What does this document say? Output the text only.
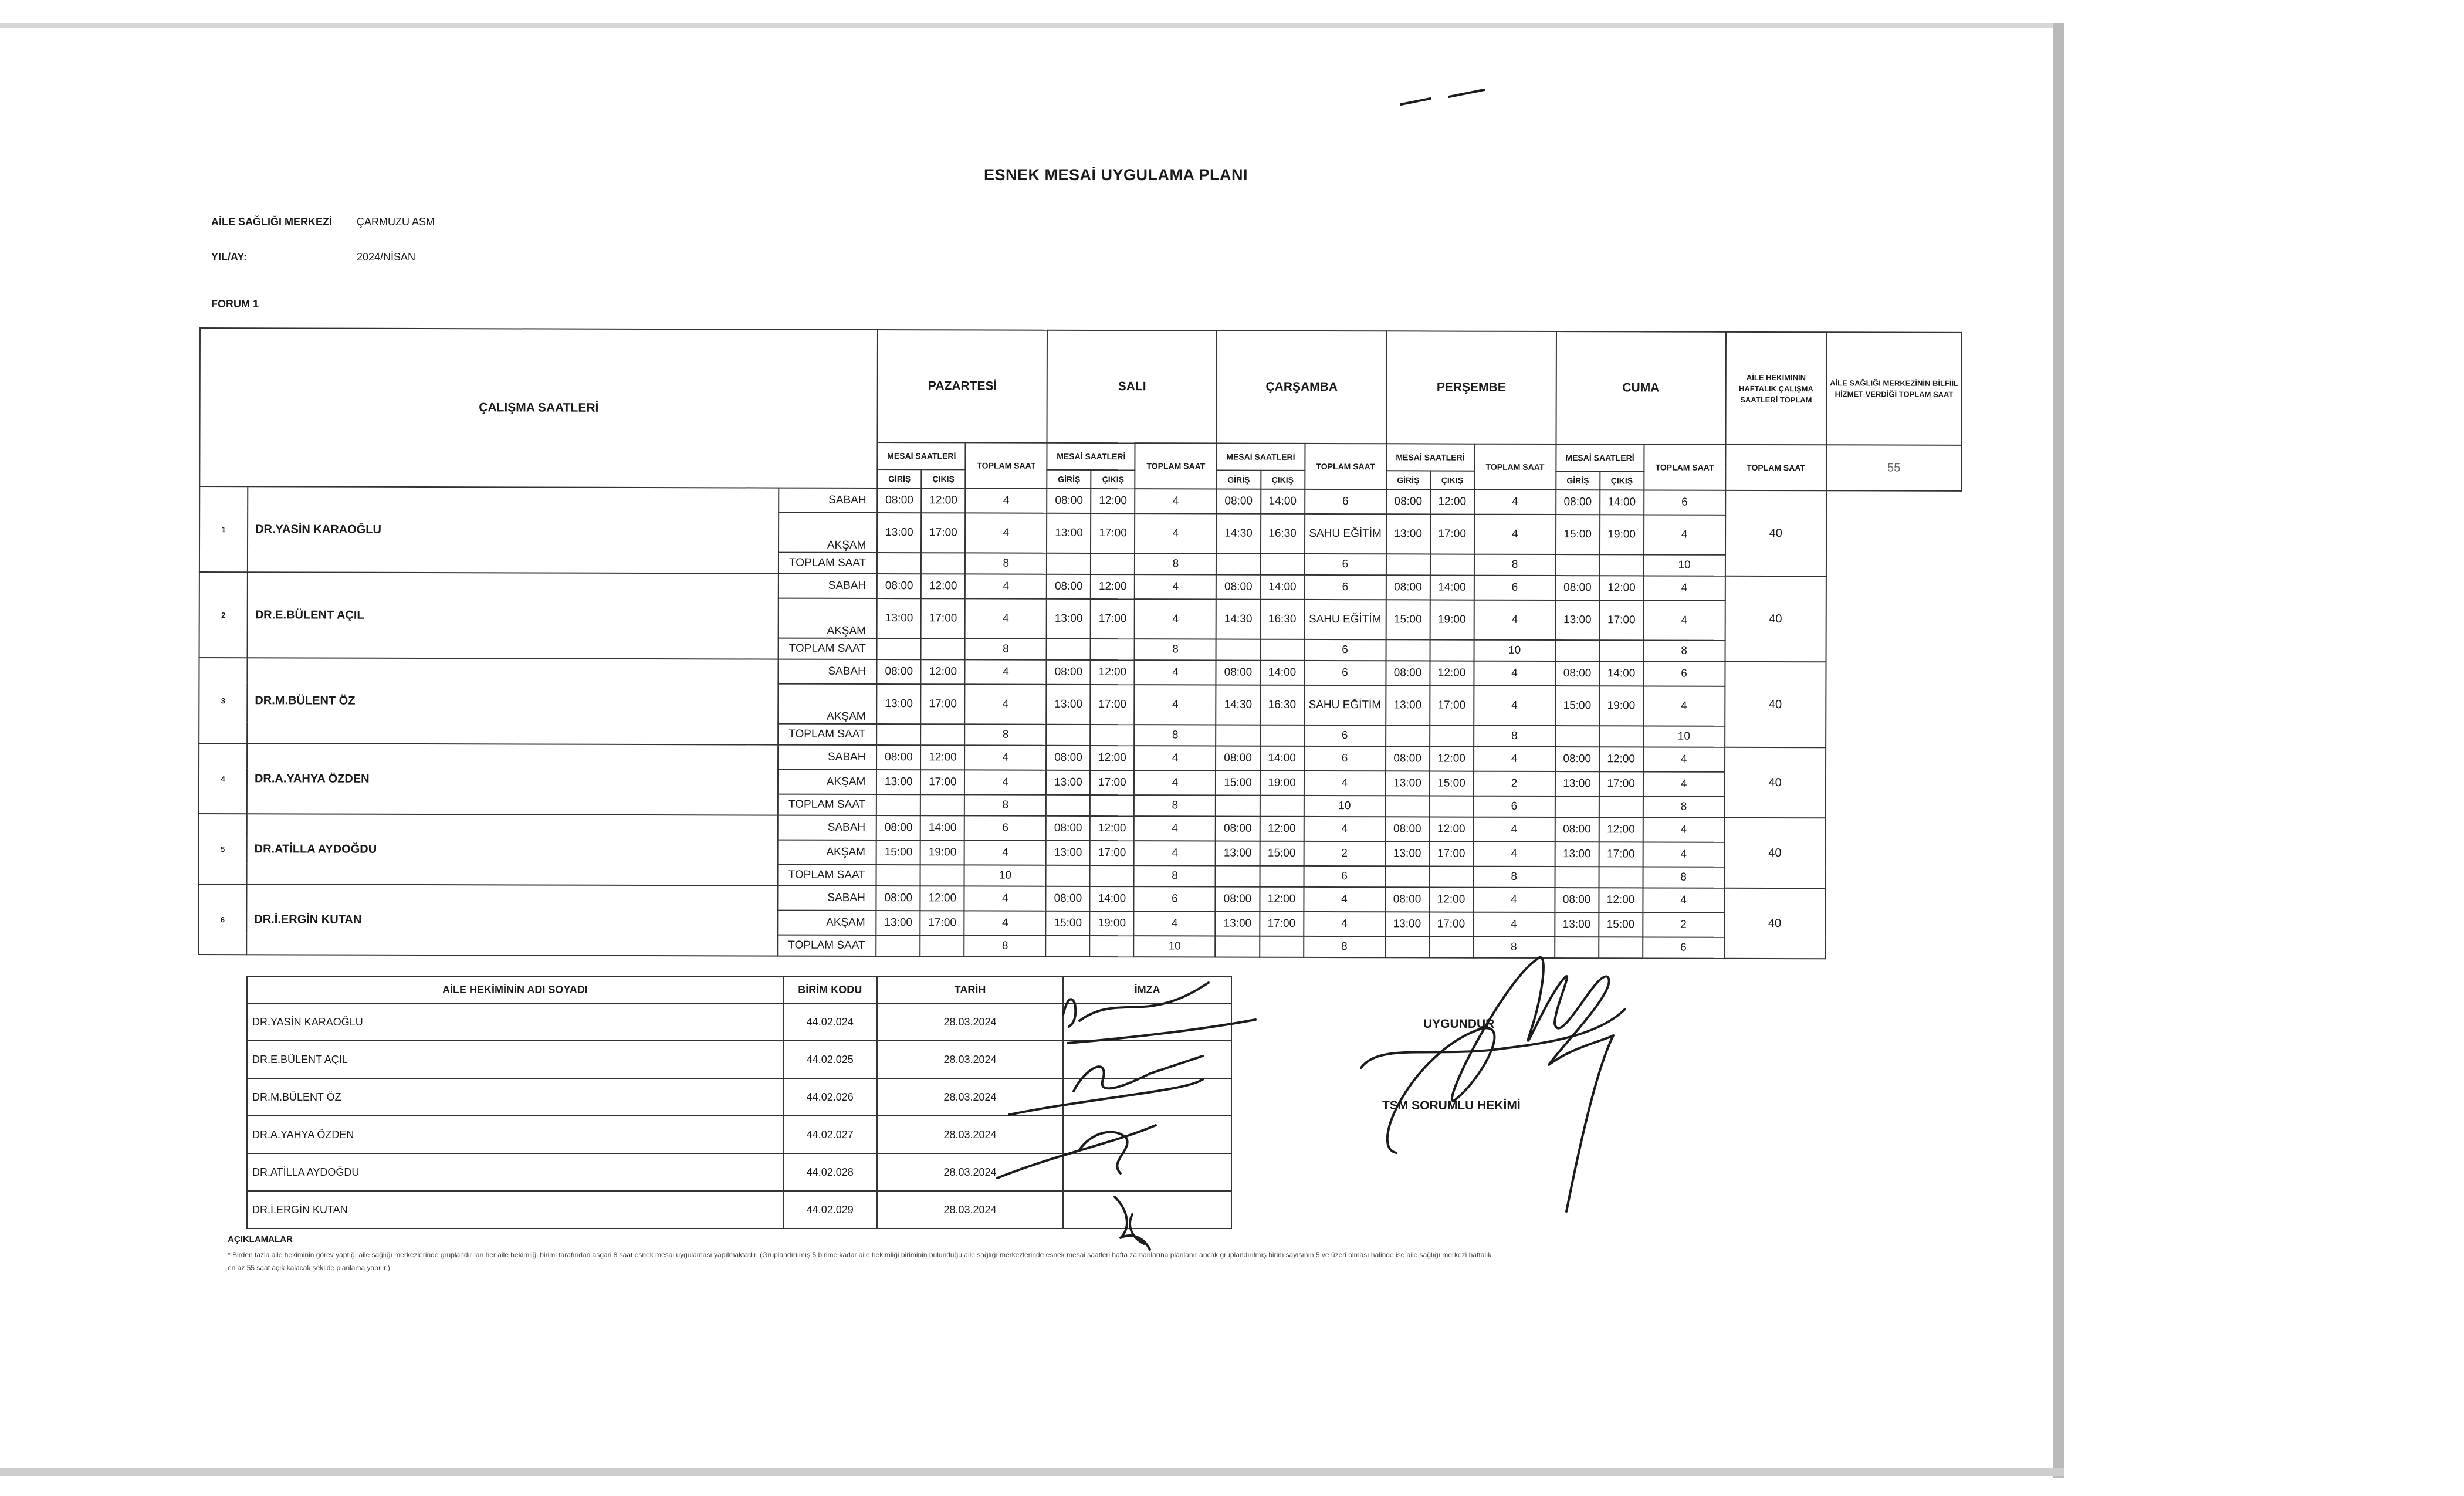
ESNEK MESAİ UYGULAMA PLANI
AİLE SAĞLIĞI MERKEZİ ÇARMUZU ASM
YIL/AY:	2024/NİSAN
FORUM 1
ÇALIŞMA SAATLERİ			PAZARTESİ			SALI			ÇARŞAMBA			PERŞEMBE			CUMA			AİLE HEKİMİNİN HAFTALIK ÇALIŞMA SAATLERİ TOPLAM	AİLE SAĞLIĞI MERKEZİNİN BİLFİİL HİZMET VERDİĞİ TOPLAM SAAT
			MESAİ SAATLERİ		TOPLAM SAAT	MESAİ SAATLERİ		TOPLAM SAAT	MESAİ SAATLERİ		TOPLAM SAAT	MESAİ SAATLERİ		TOPLAM SAAT	MESAİ SAATLERİ		TOPLAM SAAT	TOPLAM SAAT	55
			GİRİŞ	ÇIKIŞ		GİRİŞ	ÇIKIŞ		GİRİŞ	ÇIKIŞ		GİRİŞ	ÇIKIŞ		GİRİŞ	ÇIKIŞ			
1	DR.YASİN KARAOĞLU	SABAH	08:00	12:00	4	08:00	12:00	4	08:00	14:00	6	08:00	12:00	4	08:00	14:00	6	40	
		AKŞAM	13:00	17:00	4	13:00	17:00	4	14:30	16:30	SAHU EĞİTİM	13:00	17:00	4	15:00	19:00	4		
		TOPLAM SAAT			8			8			6			8			10		
2	DR.E.BÜLENT AÇIL	SABAH	08:00	12:00	4	08:00	12:00	4	08:00	14:00	6	08:00	14:00	6	08:00	12:00	4	40	
		AKŞAM	13:00	17:00	4	13:00	17:00	4	14:30	16:30	SAHU EĞİTİM	15:00	19:00	4	13:00	17:00	4		
		TOPLAM SAAT			8			8			6			10			8		
3	DR.M.BÜLENT ÖZ	SABAH	08:00	12:00	4	08:00	12:00	4	08:00	14:00	6	08:00	12:00	4	08:00	14:00	6	40	
		AKŞAM	13:00	17:00	4	13:00	17:00	4	14:30	16:30	SAHU EĞİTİM	13:00	17:00	4	15:00	19:00	4		
		TOPLAM SAAT			8			8			6			8			10		
4	DR.A.YAHYA ÖZDEN	SABAH	08:00	12:00	4	08:00	12:00	4	08:00	14:00	6	08:00	12:00	4	08:00	12:00	4	40	
		AKŞAM	13:00	17:00	4	13:00	17:00	4	15:00	19:00	4	13:00	15:00	2	13:00	17:00	4		
		TOPLAM SAAT			8			8			10			6			8		
5	DR.ATİLLA AYDOĞDU	SABAH	08:00	14:00	6	08:00	12:00	4	08:00	12:00	4	08:00	12:00	4	08:00	12:00	4	40	
		AKŞAM	15:00	19:00	4	13:00	17:00	4	13:00	15:00	2	13:00	17:00	4	13:00	17:00	4		
		TOPLAM SAAT			10			8			6			8			8		
6	DR.İ.ERGİN KUTAN	SABAH	08:00	12:00	4	08:00	14:00	6	08:00	12:00	4	08:00	12:00	4	08:00	12:00	4	40	
		AKŞAM	13:00	17:00	4	15:00	19:00	4	13:00	17:00	4	13:00	17:00	4	13:00	15:00	2		
		TOPLAM SAAT			8			10			8			8			6		
AİLE HEKİMİNİN ADI SOYADI	BİRİM KODU	TARİH	İMZA
DR.YASİN KARAOĞLU	44.02.024	28.03.2024	
DR.E.BÜLENT AÇIL	44.02.025	28.03.2024	
DR.M.BÜLENT ÖZ	44.02.026	28.03.2024	
DR.A.YAHYA ÖZDEN	44.02.027	28.03.2024	
DR.ATİLLA AYDOĞDU	44.02.028	28.03.2024	
DR.İ.ERGİN KUTAN	44.02.029	28.03.2024	
UYGUNDUR
TSM SORUMLU HEKİMİ
AÇIKLAMALAR
* Birden fazla aile hekiminin görev yaptığı aile sağlığı merkezlerinde gruplandırılan her aile hekimliği birimi tarafından asgari 8 saat esnek mesai uygulaması yapılmaktadır. (Gruplandırılmış 5 birime kadar aile hekimliği biriminin bulunduğu aile sağlığı merkezlerinde esnek mesai saatleri hafta zamanlarına planlanır ancak gruplandırılmış birim sayısının 5 ve üzeri olması halinde ise aile sağlığı merkezi haftalık en az 55 saat açık kalacak şekilde planlama yapılır.)
